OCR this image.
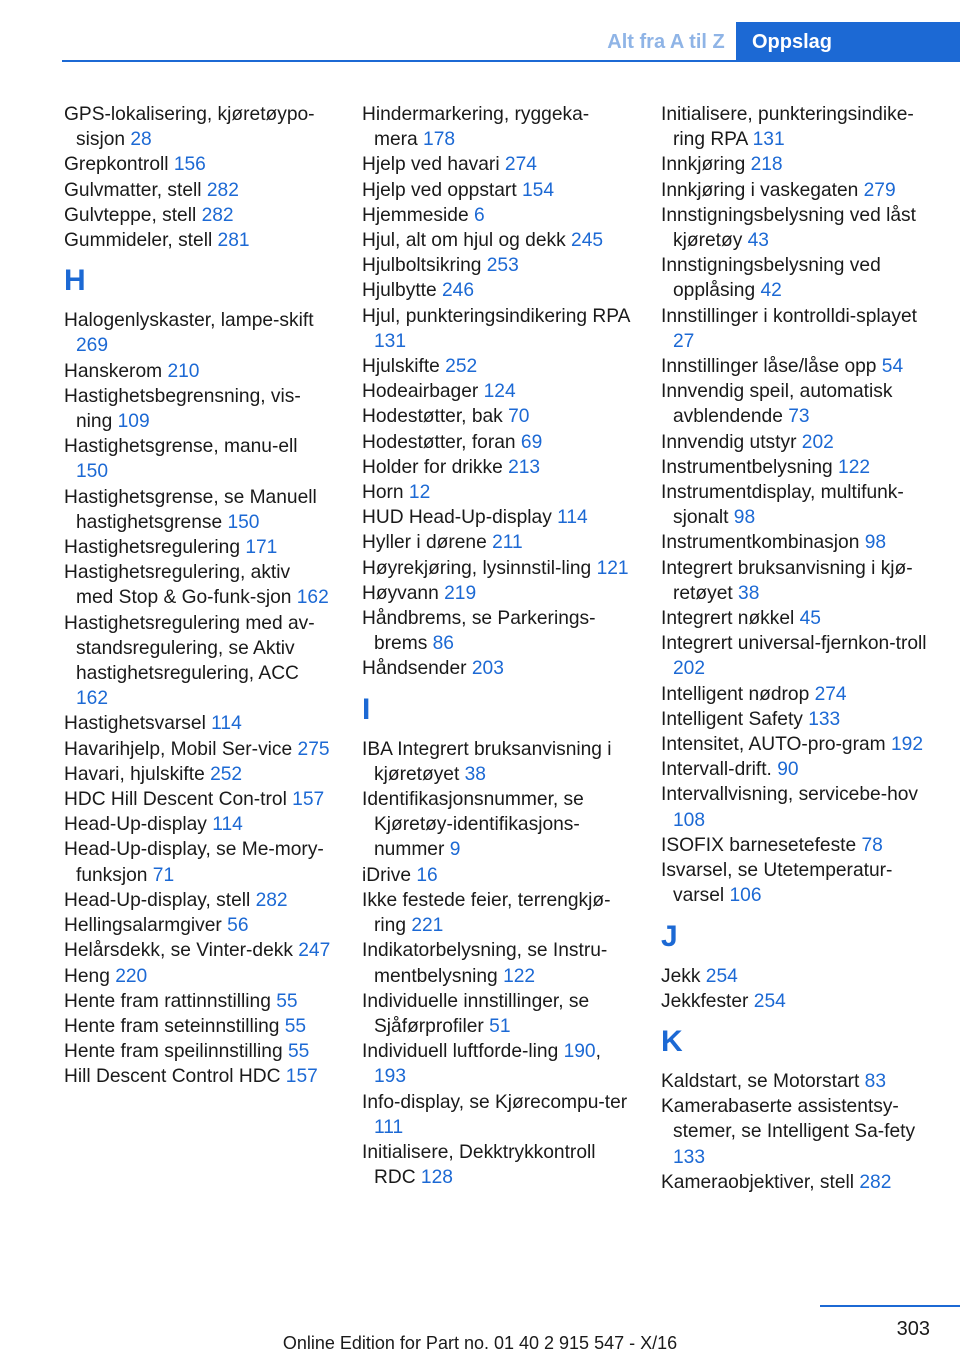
Alt fra A til Z	Oppslag
GPS-lokalisering, kjøretøypo-sisjon 28
Grepkontroll 156
Gulvmatter, stell 282
Gulvteppe, stell 282
Gummideler, stell 281
H
Halogenlyskaster, lampe-skift 269
Hanskerom 210
Hastighetsbegrensning, vis-ning 109
Hastighetsgrense, manu-ell 150
Hastighetsgrense, se Manuell hastighetsgrense 150
Hastighetsregulering 171
Hastighetsregulering, aktiv med Stop & Go-funk-sjon 162
Hastighetsregulering med av-standsregulering, se Aktiv hastighetsregulering, ACC 162
Hastighetsvarsel 114
Havarihjelp, Mobil Ser-vice 275
Havari, hjulskifte 252
HDC Hill Descent Con-trol 157
Head-Up-display 114
Head-Up-display, se Me-mory-funksjon 71
Head-Up-display, stell 282
Hellingsalarmgiver 56
Helårsdekk, se Vinter-dekk 247
Heng 220
Hente fram rattinnstilling 55
Hente fram seteinnstilling 55
Hente fram speilinnstilling 55
Hill Descent Control HDC 157
Hindermarkering, ryggeka-mera 178
Hjelp ved havari 274
Hjelp ved oppstart 154
Hjemmeside 6
Hjul, alt om hjul og dekk 245
Hjulboltsikring 253
Hjulbytte 246
Hjul, punkteringsindikering RPA 131
Hjulskifte 252
Hodeairbager 124
Hodestøtter, bak 70
Hodestøtter, foran 69
Holder for drikke 213
Horn 12
HUD Head-Up-display 114
Hyller i dørene 211
Høyrekjøring, lysinnstil-ling 121
Høyvann 219
Håndbrems, se Parkerings-brems 86
Håndsender 203
I
IBA Integrert bruksanvisning i kjøretøyet 38
Identifikasjonsnummer, se Kjøretøy-identifikasjons-nummer 9
iDrive 16
Ikke festede feier, terrengkjø-ring 221
Indikatorbelysning, se Instru-mentbelysning 122
Individuelle innstillinger, se Sjåførprofiler 51
Individuell luftforde-ling 190, 193
Info-display, se Kjørecompu-ter 111
Initialisere, Dekktrykkontroll RDC 128
Initialisere, punkteringsindike-ring RPA 131
Innkjøring 218
Innkjøring i vaskegaten 279
Innstigningsbelysning ved låst kjøretøy 43
Innstigningsbelysning ved opplåsing 42
Innstillinger i kontrolldi-splayet 27
Innstillinger låse/låse opp 54
Innvendig speil, automatisk avblendende 73
Innvendig utstyr 202
Instrumentbelysning 122
Instrumentdisplay, multifunk-sjonalt 98
Instrumentkombinasjon 98
Integrert bruksanvisning i kjø-retøyet 38
Integrert nøkkel 45
Integrert universal-fjernkon-troll 202
Intelligent nødrop 274
Intelligent Safety 133
Intensitet, AUTO-pro-gram 192
Intervall-drift. 90
Intervallvisning, servicebe-hov 108
ISOFIX barnesetefeste 78
Isvarsel, se Utetemperatur-varsel 106
J
Jekk 254
Jekkfester 254
K
Kaldstart, se Motorstart 83
Kamerabaserte assistentsy-stemer, se Intelligent Sa-fety 133
Kameraobjektiver, stell 282
303
Online Edition for Part no. 01 40 2 915 547 - X/16
